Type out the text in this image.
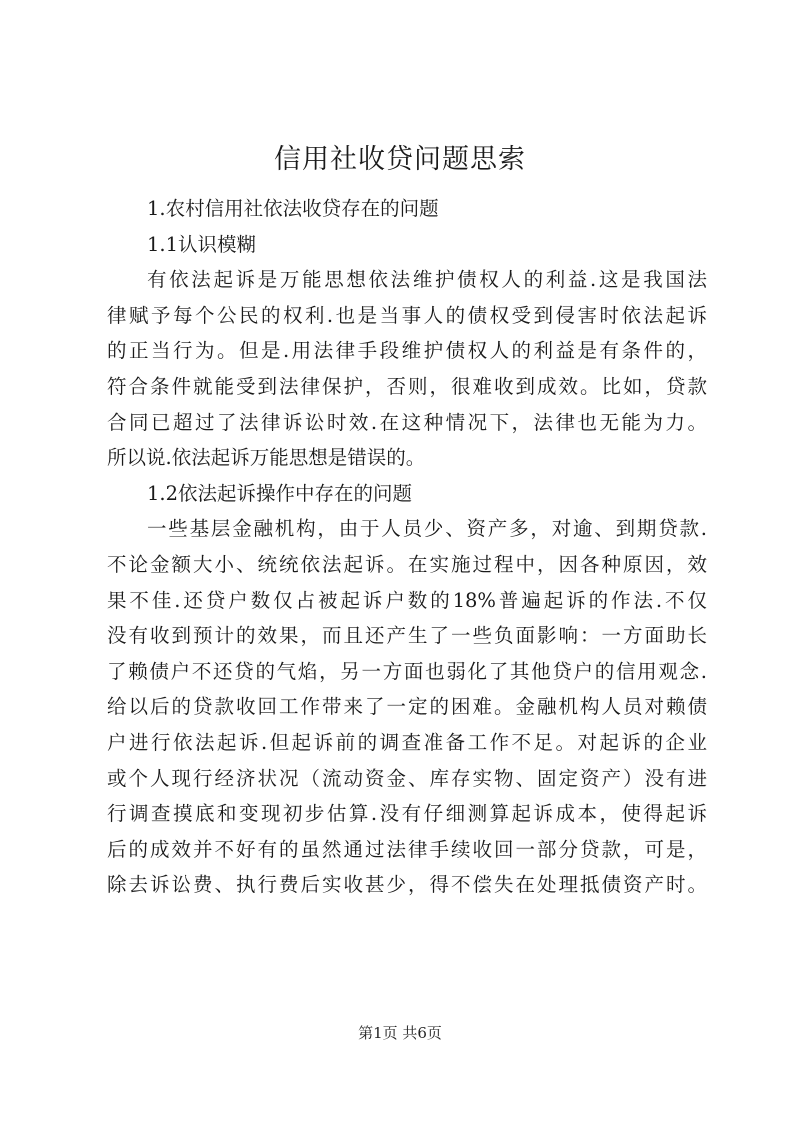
信用社收贷问题思索
1.农村信用社依法收贷存在的问题
1.1认识模糊
有依法起诉是万能思想依法维护债权人的利益.这是我国法
律赋予每个公民的权利.也是当事人的债权受到侵害时依法起诉
的正当行为。但是.用法律手段维护债权人的利益是有条件的，
符合条件就能受到法律保护，否则，很难收到成效。比如，贷款
合同已超过了法律诉讼时效.在这种情况下，法律也无能为力。
所以说.依法起诉万能思想是错误的。
1.2依法起诉操作中存在的问题
一些基层金融机构，由于人员少、资产多，对逾、到期贷款.
不论金额大小、统统依法起诉。在实施过程中，因各种原因，效
果不佳.还贷户数仅占被起诉户数的18%普遍起诉的作法.不仅
没有收到预计的效果，而且还产生了一些负面影响：一方面助长
了赖债户不还贷的气焰，另一方面也弱化了其他贷户的信用观念.
给以后的贷款收回工作带来了一定的困难。金融机构人员对赖债
户进行依法起诉.但起诉前的调查准备工作不足。对起诉的企业
或个人现行经济状况（流动资金、库存实物、固定资产）没有进
行调查摸底和变现初步估算.没有仔细测算起诉成本，使得起诉
后的成效并不好有的虽然通过法律手续收回一部分贷款，可是，
除去诉讼费、执行费后实收甚少，得不偿失在处理抵债资产时。
第1页 共6页
